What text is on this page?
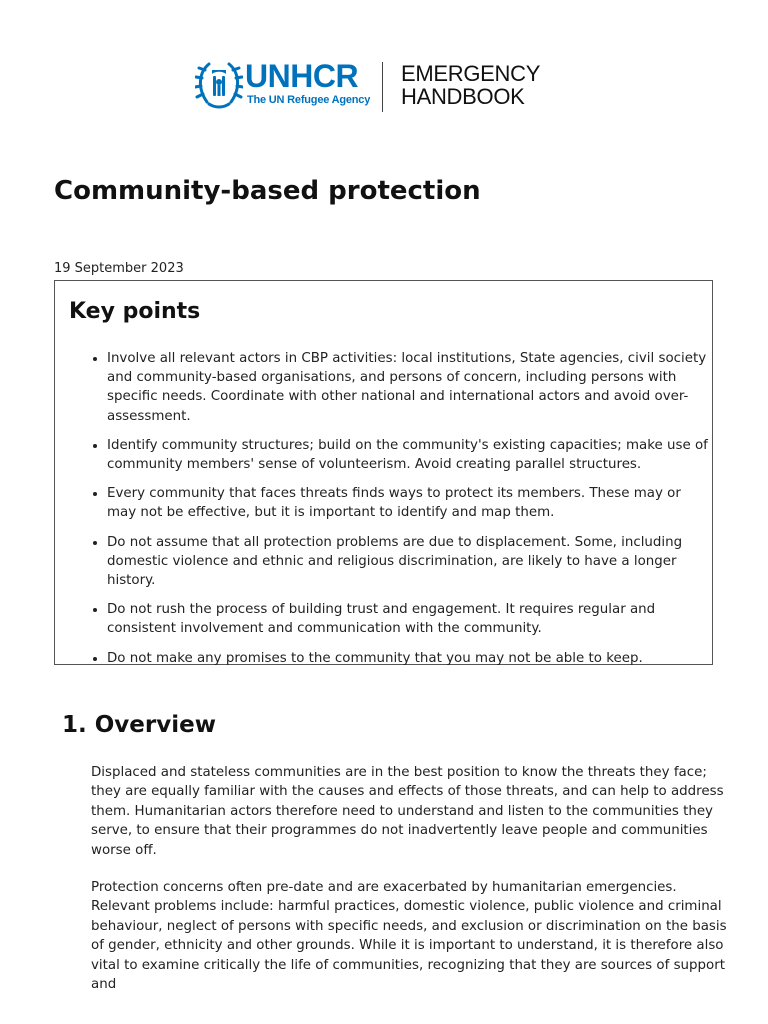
UNHCR
The UN Refugee Agency
EMERGENCY
HANDBOOK
Community-based protection
19 September 2023
Key points
• Involve all relevant actors in CBP activities: local institutions, State agencies, civil society and community-based organisations, and persons of concern, including persons with specific needs. Coordinate with other national and international actors and avoid over-assessment.
• Identify community structures; build on the community's existing capacities; make use of community members' sense of volunteerism. Avoid creating parallel structures.
• Every community that faces threats finds ways to protect its members. These may or may not be effective, but it is important to identify and map them.
• Do not assume that all protection problems are due to displacement. Some, including domestic violence and ethnic and religious discrimination, are likely to have a longer history.
• Do not rush the process of building trust and engagement. It requires regular and consistent involvement and communication with the community.
• Do not make any promises to the community that you may not be able to keep.
1. Overview

Displaced and stateless communities are in the best position to know the threats they face; they are equally familiar with the causes and effects of those threats, and can help to address them. Humanitarian actors therefore need to understand and listen to the communities they serve, to ensure that their programmes do not inadvertently leave people and communities worse off.

Protection concerns often pre-date and are exacerbated by humanitarian emergencies. Relevant problems include: harmful practices, domestic violence, public violence and criminal behaviour, neglect of persons with specific needs, and exclusion or discrimination on the basis of gender, ethnicity and other grounds. While it is important to understand, it is therefore also vital to examine critically the life of communities, recognizing that they are sources of support and
